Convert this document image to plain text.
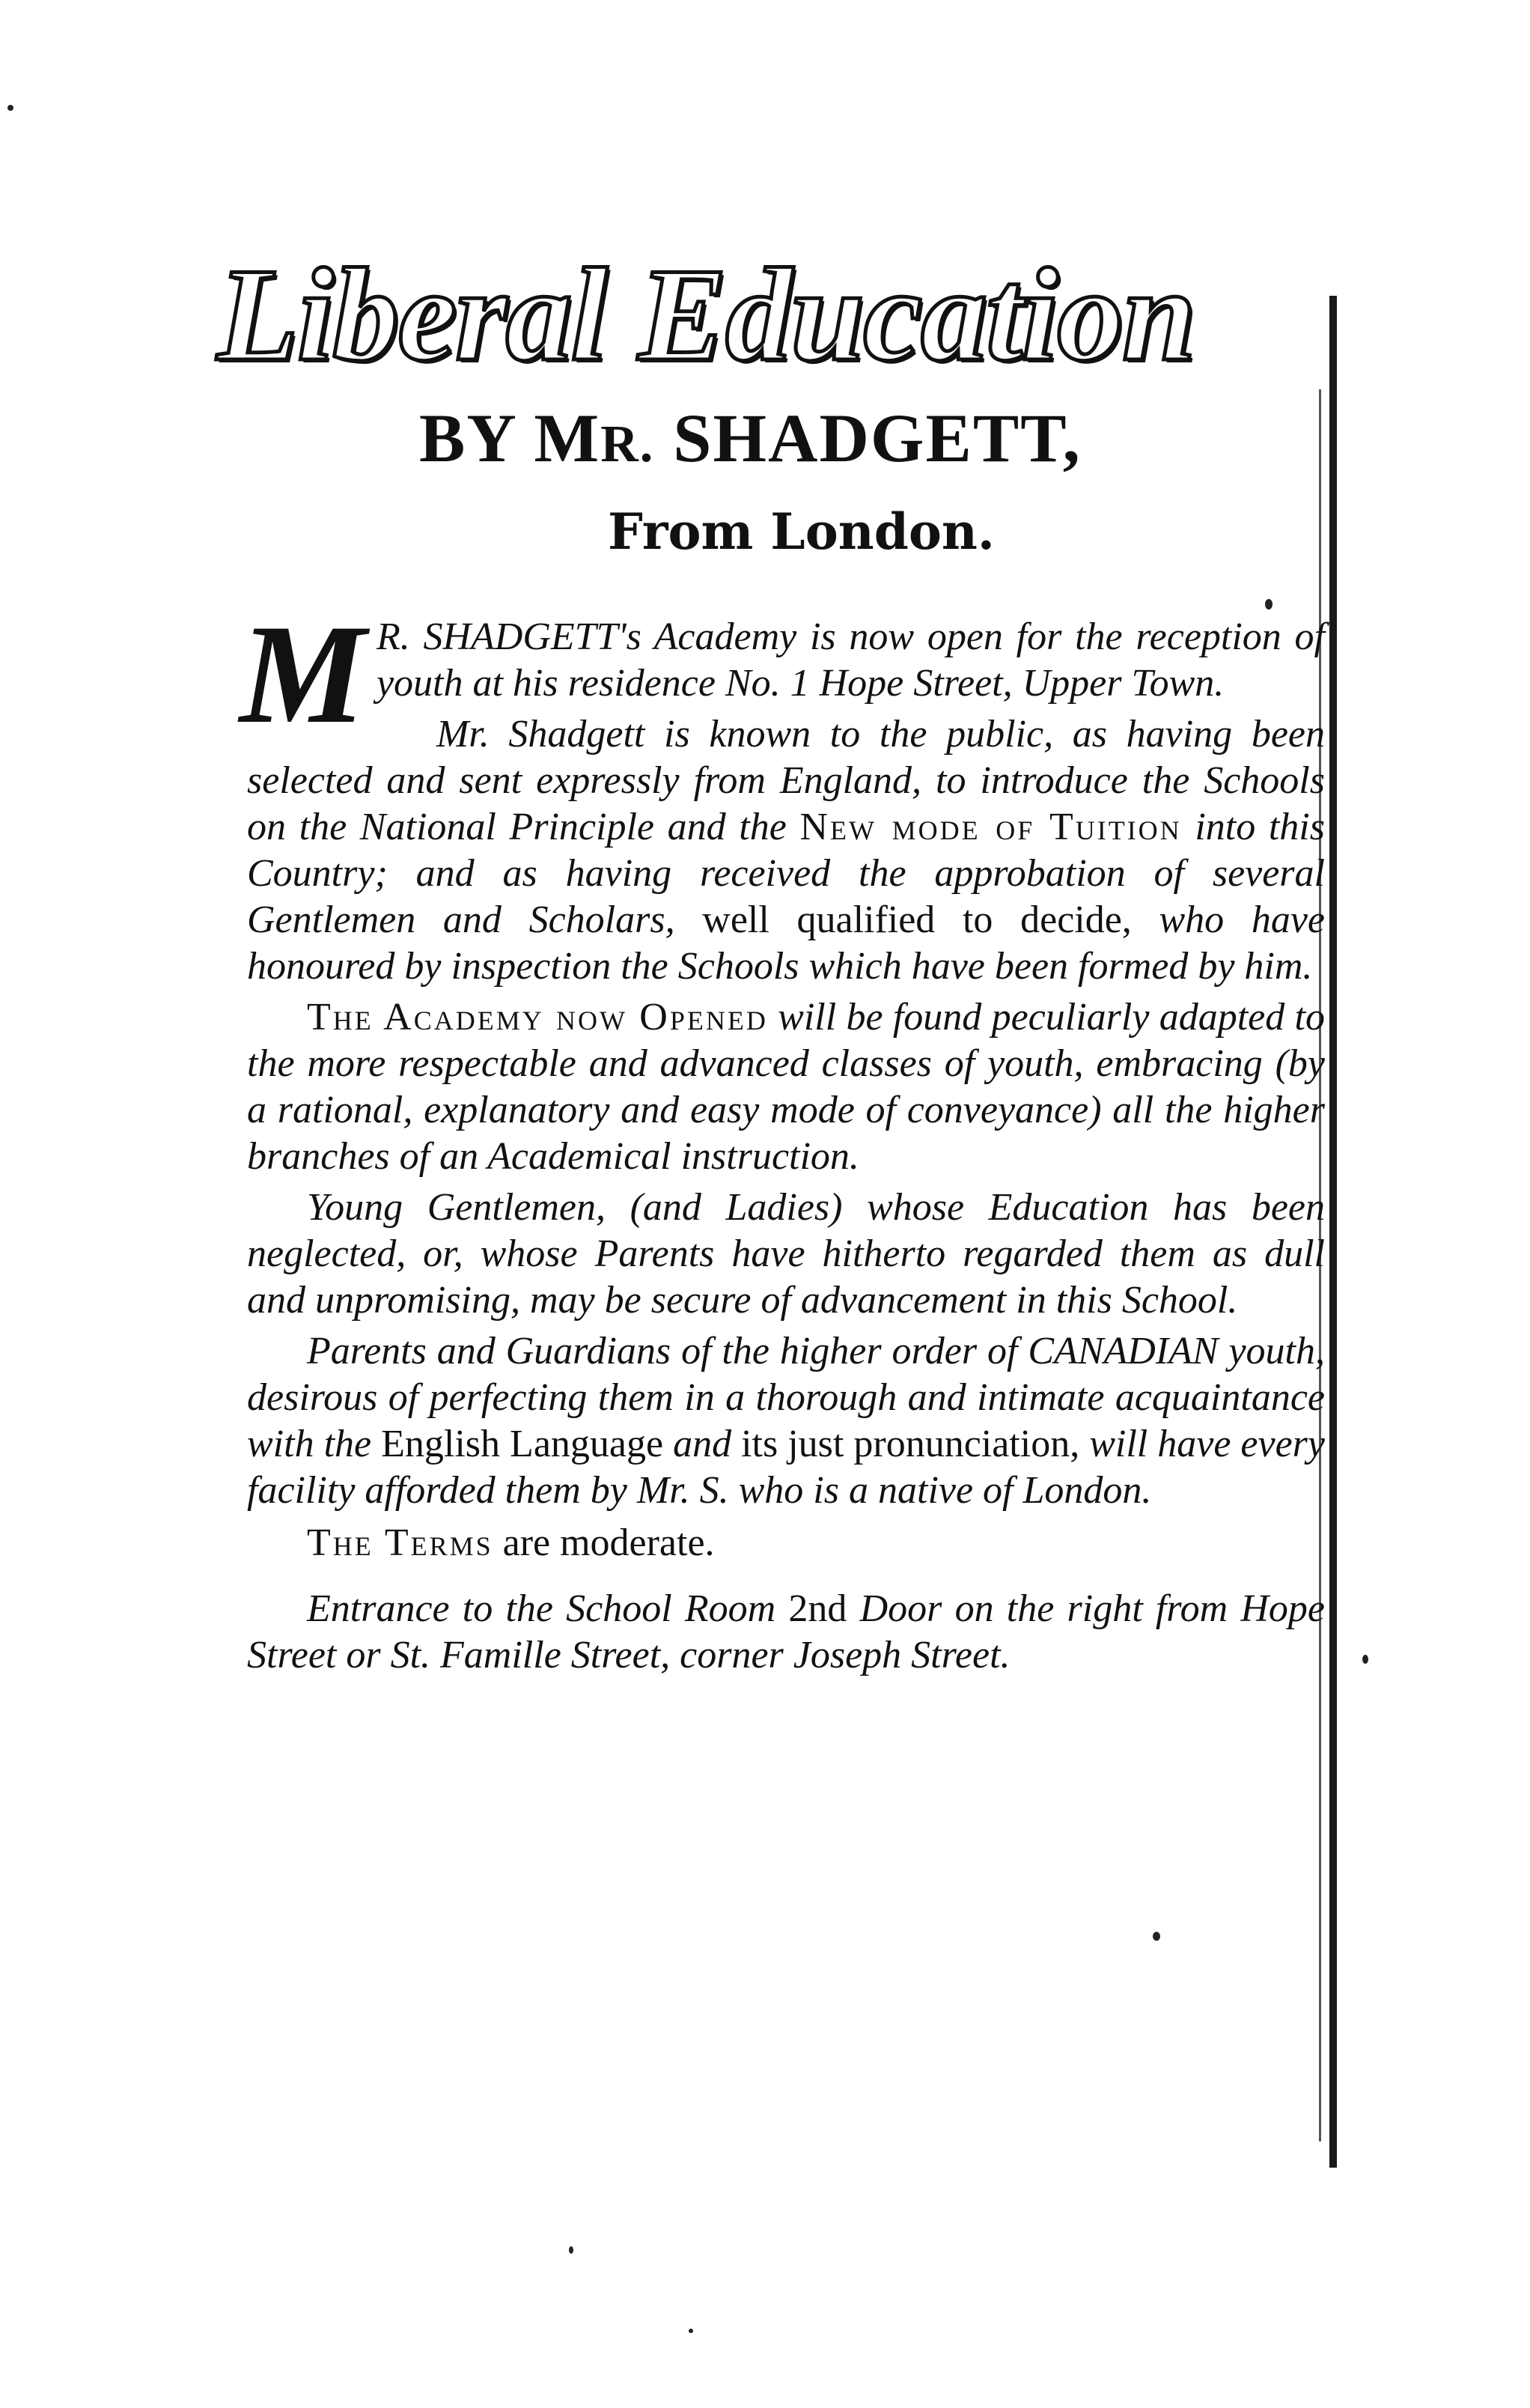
Liberal Education
BY MR. SHADGETT,
From London.

M R. SHADGETT's Academy is now open for the reception of youth at his residence No. 1 Hope Street, Upper Town.

Mr. Shadgett is known to the public, as having been selected and sent expressly from England, to introduce the Schools on the National Principle and the New mode of Tuition into this Country; and as having received the approbation of several Gentlemen and Scholars, well qualified to decide, who have honoured by inspection the Schools which have been formed by him.

The Academy now Opened will be found peculiarly adapted to the more respectable and advanced classes of youth, embracing (by a rational, explanatory and easy mode of conveyance) all the higher branches of an Academical instruction.

Young Gentlemen, (and Ladies) whose Education has been neglected, or, whose Parents have hitherto regarded them as dull and unpromising, may be secure of advancement in this School.

Parents and Guardians of the higher order of CANADIAN youth, desirous of perfecting them in a thorough and intimate acquaintance with the English Language and its just pronunciation, will have every facility afforded them by Mr. S. who is a native of London.

The Terms are moderate.

Entrance to the School Room 2nd Door on the right from Hope Street or St. Famille Street, corner Joseph Street.
